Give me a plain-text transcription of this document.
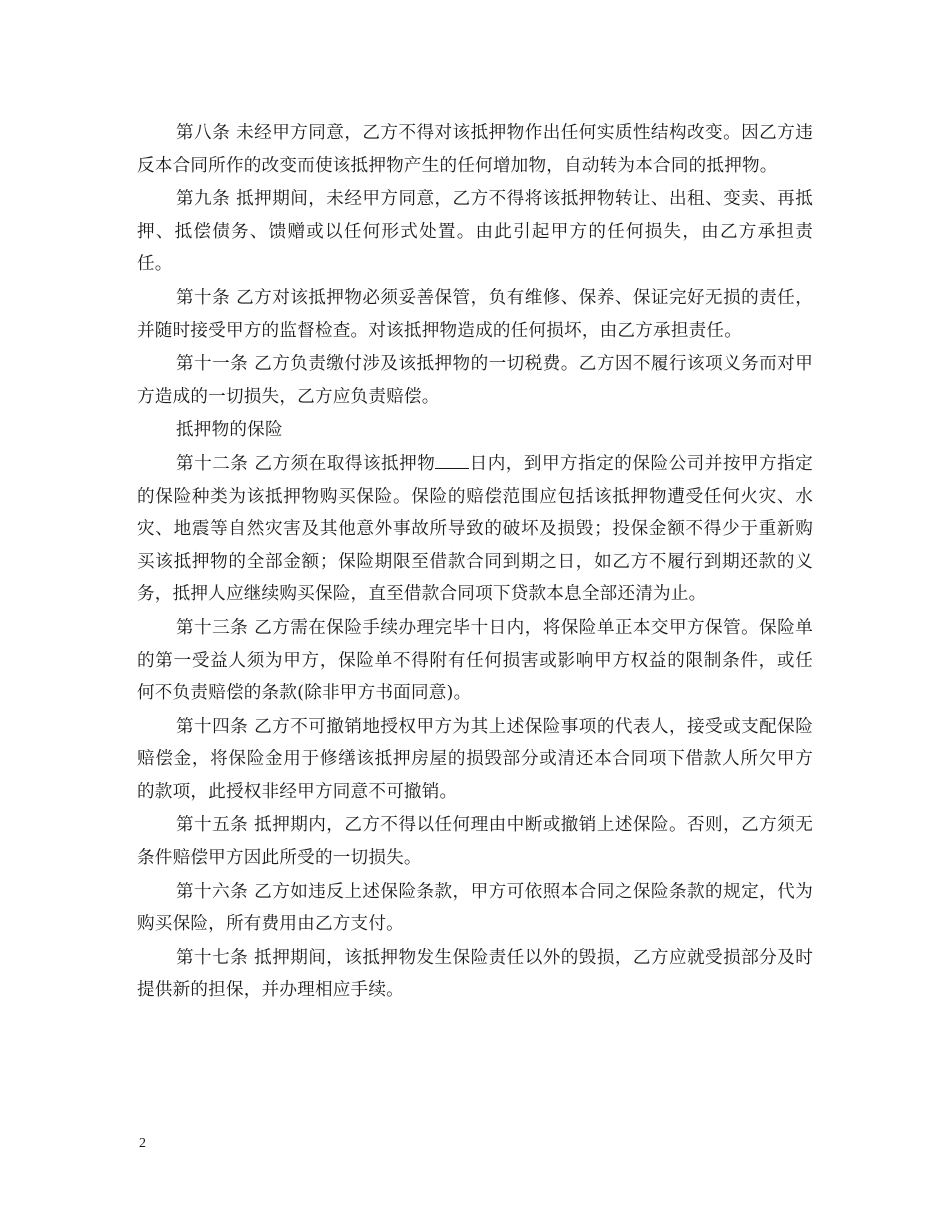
第八条 未经甲方同意，乙方不得对该抵押物作出任何实质性结构改变。因乙方违反本合同所作的改变而使该抵押物产生的任何增加物，自动转为本合同的抵押物。

第九条 抵押期间，未经甲方同意，乙方不得将该抵押物转让、出租、变卖、再抵押、抵偿债务、馈赠或以任何形式处置。由此引起甲方的任何损失，由乙方承担责任。

第十条 乙方对该抵押物必须妥善保管，负有维修、保养、保证完好无损的责任，并随时接受甲方的监督检查。对该抵押物造成的任何损坏，由乙方承担责任。

第十一条 乙方负责缴付涉及该抵押物的一切税费。乙方因不履行该项义务而对甲方造成的一切损失，乙方应负责赔偿。

抵押物的保险

第十二条 乙方须在取得该抵押物 日内，到甲方指定的保险公司并按甲方指定的保险种类为该抵押物购买保险。保险的赔偿范围应包括该抵押物遭受任何火灾、水灾、地震等自然灾害及其他意外事故所导致的破坏及损毁；投保金额不得少于重新购买该抵押物的全部金额；保险期限至借款合同到期之日，如乙方不履行到期还款的义务，抵押人应继续购买保险，直至借款合同项下贷款本息全部还清为止。

第十三条 乙方需在保险手续办理完毕十日内，将保险单正本交甲方保管。保险单的第一受益人须为甲方，保险单不得附有任何损害或影响甲方权益的限制条件，或任何不负责赔偿的条款(除非甲方书面同意)。

第十四条 乙方不可撤销地授权甲方为其上述保险事项的代表人，接受或支配保险赔偿金，将保险金用于修缮该抵押房屋的损毁部分或清还本合同项下借款人所欠甲方的款项，此授权非经甲方同意不可撤销。

第十五条 抵押期内，乙方不得以任何理由中断或撤销上述保险。否则，乙方须无条件赔偿甲方因此所受的一切损失。

第十六条 乙方如违反上述保险条款，甲方可依照本合同之保险条款的规定，代为购买保险，所有费用由乙方支付。

第十七条 抵押期间，该抵押物发生保险责任以外的毁损，乙方应就受损部分及时提供新的担保，并办理相应手续。

2
